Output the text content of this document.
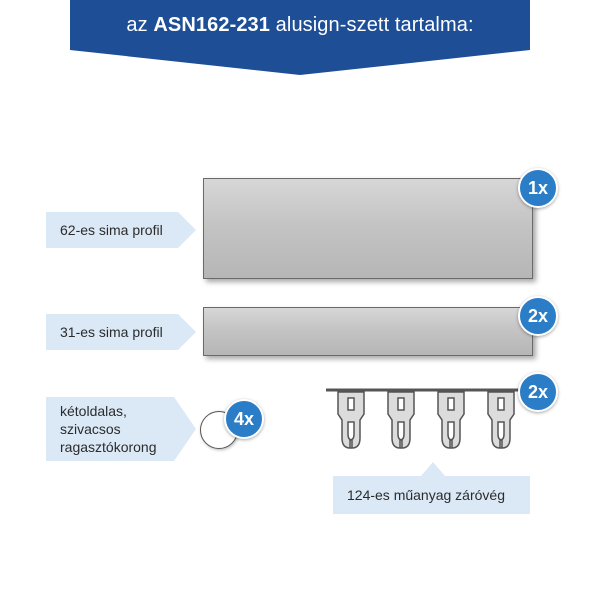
az ASN162-231 alusign-szett tartalma:
62-es sima profil
1x
31-es sima profil
2x
kétoldalas,
szivacsos
ragasztókorong
4x
2x
124-es műanyag záróvég
